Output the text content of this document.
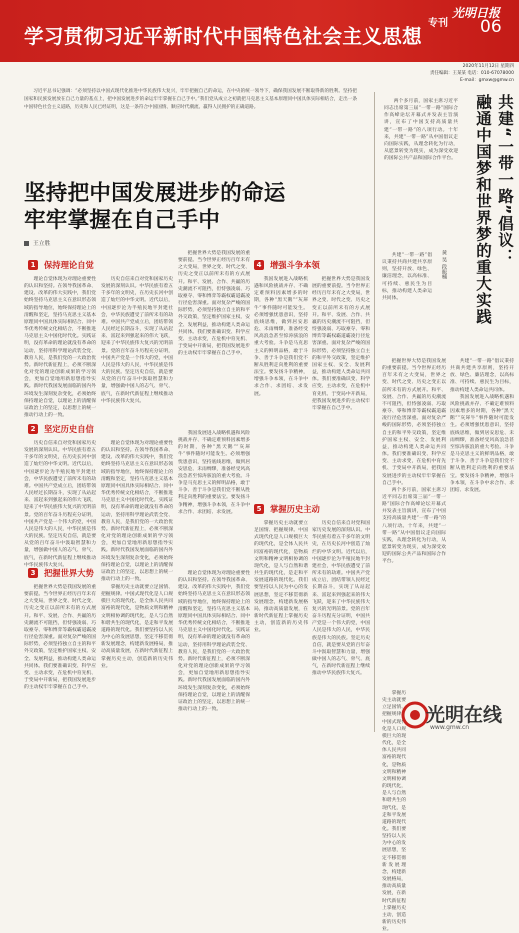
学习贯彻习近平新时代中国特色社会主义思想
专刊
光明日报
06
2020年11月12日 星期四
责任编辑：王某某 电话：010-67078000
E-mail：gmxw@gmw.cn

习近平总书记强调：“必须坚持以中国式现代化推进中华民族伟大复兴，牢牢把握自己的命运，在中央的统一领导下，确保我国发展不断取得新的胜利。坚持把国家和民族发展放在自己力量的基点上，把中国发展进步的命运牢牢掌握在自己手中。”我们党从成立之初就把马克思主义基本原理同中国具体实际相结合，走出一条中国特色社会主义道路，历史和人民已经证明，这是一条符合中国国情、顺应时代潮流、赢得人民拥护的正确道路。

坚持把中国发展进步的命运
牢牢掌握在自己手中
王立胜
1	保持理论自觉
2	坚定历史自信
3	把握世界大势
4	增强斗争本领
5	掌握历史主动

理论自觉体现为对理论重要性的认识和坚持。在领导我国革命、建设、改革的伟大实践中，我们党始终坚持马克思主义在意识形态领域的指导地位，始终保持理论上的清醒和坚定，坚持马克思主义基本原理同中国具体实际相结合、同中华优秀传统文化相结合，不断推进马克思主义中国化时代化。实践证明，没有革命的理论就没有革命的运动，坚持用科学理论武装全党、教育人民，是我们党的一大政治优势。新时代新征程上，必须不断深化对党的理论创新成果的学习领会，更加自觉地用新思想指导实践。新时代我国发展面临的国内外环境发生深刻复杂变化，必须始终保持理论自觉，以理论上的清醒保证政治上的坚定，以思想上的统一推动行动上的一致。

历史自信来自对党和国家历史发展的深刻认识。中华民族有着五千多年的文明史，在历史长河中创造了灿烂的中华文明。近代以后，中国逐步沦为半殖民地半封建社会，中华民族遭受了前所未有的劫难。中国共产党成立后，团结带领人民经过长期奋斗，实现了从站起来、富起来到强起来的伟大飞跃，迎来了中华民族伟大复兴的光明前景。党的百年奋斗历程充分证明，中国共产党是一个伟大的党，中国人民是伟大的人民，中华民族是伟大的民族。坚定历史自信，就是要从党的百年奋斗中汲取智慧和力量，增强做中国人的志气、骨气、底气，在新时代新征程上继续推动中华民族伟大复兴。

把握世界大势是我国发展的重要前提。当今世界正经历百年未有之大变局，世界之变、时代之变、历史之变正以前所未有的方式展开。和平、发展、合作、共赢的历史潮流不可阻挡，但恃强凌弱、巧取豪夺、零和博弈等霸权霸道霸凌行径危害深重。面对复杂严峻的国际形势，必须坚持独立自主的和平外交政策，坚定维护国家主权、安全、发展利益，推动构建人类命运共同体。我们要准确识变、科学应变、主动求变，在危机中育先机、于变局中开新局，把我国发展进步的主动权牢牢掌握在自己手中。

历史自信来自对党和国家历史发展的深刻认识。中华民族有着五千多年的文明史，在历史长河中创造了灿烂的中华文明。近代以后，中国逐步沦为半殖民地半封建社会，中华民族遭受了前所未有的劫难。中国共产党成立后，团结带领人民经过长期奋斗，实现了从站起来、富起来到强起来的伟大飞跃，迎来了中华民族伟大复兴的光明前景。党的百年奋斗历程充分证明，中国共产党是一个伟大的党，中国人民是伟大的人民，中华民族是伟大的民族。坚定历史自信，就是要从党的百年奋斗中汲取智慧和力量，增强做中国人的志气、骨气、底气，在新时代新征程上继续推动中华民族伟大复兴。

理论自觉体现为对理论重要性的认识和坚持。在领导我国革命、建设、改革的伟大实践中，我们党始终坚持马克思主义在意识形态领域的指导地位，始终保持理论上的清醒和坚定，坚持马克思主义基本原理同中国具体实际相结合、同中华优秀传统文化相结合，不断推进马克思主义中国化时代化。实践证明，没有革命的理论就没有革命的运动，坚持用科学理论武装全党、教育人民，是我们党的一大政治优势。新时代新征程上，必须不断深化对党的理论创新成果的学习领会，更加自觉地用新思想指导实践。新时代我国发展面临的国内外环境发生深刻复杂变化，必须始终保持理论自觉，以理论上的清醒保证政治上的坚定，以思想上的统一推动行动上的一致。

我国发展进入战略机遇和风险挑战并存、不确定难预料因素增多的时期，各种“黑天鹅”“灰犀牛”事件随时可能发生。必须增强忧患意识，坚持底线思维，做到居安思危、未雨绸缪，准备经受风高浪急甚至惊涛骇浪的重大考验。斗争是马克思主义的鲜明品格，敢于斗争、善于斗争是我们党不断从胜利走向胜利的重要法宝。要发扬斗争精神，增强斗争本领，在斗争中求合作、求团结、求发展。

把握世界大势是我国发展的重要前提。当今世界正经历百年未有之大变局，世界之变、时代之变、历史之变正以前所未有的方式展开。和平、发展、合作、共赢的历史潮流不可阻挡，但恃强凌弱、巧取豪夺、零和博弈等霸权霸道霸凌行径危害深重。面对复杂严峻的国际形势，必须坚持独立自主的和平外交政策，坚定维护国家主权、安全、发展利益，推动构建人类命运共同体。我们要准确识变、科学应变、主动求变，在危机中育先机、于变局中开新局，把我国发展进步的主动权牢牢掌握在自己手中。

掌握历史主动就要立足国情、把握规律。中国式现代化是人口规模巨大的现代化，是全体人民共同富裕的现代化，是物质文明和精神文明相协调的现代化，是人与自然和谐共生的现代化，是走和平发展道路的现代化。我们要坚持以人民为中心的发展思想，坚定不移贯彻新发展理念，构建新发展格局，推动高质量发展，在新时代新征程上掌握历史主动，创造新的历史伟业。

理论自觉体现为对理论重要性的认识和坚持。在领导我国革命、建设、改革的伟大实践中，我们党始终坚持马克思主义在意识形态领域的指导地位，始终保持理论上的清醒和坚定，坚持马克思主义基本原理同中国具体实际相结合、同中华优秀传统文化相结合，不断推进马克思主义中国化时代化。实践证明，没有革命的理论就没有革命的运动，坚持用科学理论武装全党、教育人民，是我们党的一大政治优势。新时代新征程上，必须不断深化对党的理论创新成果的学习领会，更加自觉地用新思想指导实践。新时代我国发展面临的国内外环境发生深刻复杂变化，必须始终保持理论自觉，以理论上的清醒保证政治上的坚定，以思想上的统一推动行动上的一致。

我国发展进入战略机遇和风险挑战并存、不确定难预料因素增多的时期，各种“黑天鹅”“灰犀牛”事件随时可能发生。必须增强忧患意识，坚持底线思维，做到居安思危、未雨绸缪，准备经受风高浪急甚至惊涛骇浪的重大考验。斗争是马克思主义的鲜明品格，敢于斗争、善于斗争是我们党不断从胜利走向胜利的重要法宝。要发扬斗争精神，增强斗争本领，在斗争中求合作、求团结、求发展。

把握世界大势是我国发展的重要前提。当今世界正经历百年未有之大变局，世界之变、时代之变、历史之变正以前所未有的方式展开。和平、发展、合作、共赢的历史潮流不可阻挡，但恃强凌弱、巧取豪夺、零和博弈等霸权霸道霸凌行径危害深重。面对复杂严峻的国际形势，必须坚持独立自主的和平外交政策，坚定维护国家主权、安全、发展利益，推动构建人类命运共同体。我们要准确识变、科学应变、主动求变，在危机中育先机、于变局中开新局，把我国发展进步的主动权牢牢掌握在自己手中。

掌握历史主动就要立足国情、把握规律。中国式现代化是人口规模巨大的现代化，是全体人民共同富裕的现代化，是物质文明和精神文明相协调的现代化，是人与自然和谐共生的现代化，是走和平发展道路的现代化。我们要坚持以人民为中心的发展思想，坚定不移贯彻新发展理念，构建新发展格局，推动高质量发展，在新时代新征程上掌握历史主动，创造新的历史伟业。

历史自信来自对党和国家历史发展的深刻认识。中华民族有着五千多年的文明史，在历史长河中创造了灿烂的中华文明。近代以后，中国逐步沦为半殖民地半封建社会，中华民族遭受了前所未有的劫难。中国共产党成立后，团结带领人民经过长期奋斗，实现了从站起来、富起来到强起来的伟大飞跃，迎来了中华民族伟大复兴的光明前景。党的百年奋斗历程充分证明，中国共产党是一个伟大的党，中国人民是伟大的人民，中华民族是伟大的民族。坚定历史自信，就是要从党的百年奋斗中汲取智慧和力量，增强做中国人的志气、骨气、底气，在新时代新征程上继续推动中华民族伟大复兴。

两个多月前，国家主席习近平同志出席第三届“一带一路”国际合作高峰论坛开幕式并发表主旨演讲，宣布了中国支持高质量共建“一带一路”的八项行动。十年来，共建“一带一路”从中国倡议走向国际实践，从理念转化为行动，从愿景转变为现实，成为深受欢迎的国际公共产品和国际合作平台。	共建“一带一路”倡议：
融通中国梦和世界梦的重大实践
黄 昊 段振楠

共建“一带一路”倡议秉持共商共建共享原则，坚持开放、绿色、廉洁理念，以高标准、可持续、惠民生为目标，推动构建人类命运共同体。

把握世界大势是我国发展的重要前提。当今世界正经历百年未有之大变局，世界之变、时代之变、历史之变正以前所未有的方式展开。和平、发展、合作、共赢的历史潮流不可阻挡，但恃强凌弱、巧取豪夺、零和博弈等霸权霸道霸凌行径危害深重。面对复杂严峻的国际形势，必须坚持独立自主的和平外交政策，坚定维护国家主权、安全、发展利益，推动构建人类命运共同体。我们要准确识变、科学应变、主动求变，在危机中育先机、于变局中开新局，把我国发展进步的主动权牢牢掌握在自己手中。

两个多月前，国家主席习近平同志出席第三届“一带一路”国际合作高峰论坛开幕式并发表主旨演讲，宣布了中国支持高质量共建“一带一路”的八项行动。十年来，共建“一带一路”从中国倡议走向国际实践，从理念转化为行动，从愿景转变为现实，成为深受欢迎的国际公共产品和国际合作平台。

共建“一带一路”倡议秉持共商共建共享原则，坚持开放、绿色、廉洁理念，以高标准、可持续、惠民生为目标，推动构建人类命运共同体。

我国发展进入战略机遇和风险挑战并存、不确定难预料因素增多的时期，各种“黑天鹅”“灰犀牛”事件随时可能发生。必须增强忧患意识，坚持底线思维，做到居安思危、未雨绸缪，准备经受风高浪急甚至惊涛骇浪的重大考验。斗争是马克思主义的鲜明品格，敢于斗争、善于斗争是我们党不断从胜利走向胜利的重要法宝。要发扬斗争精神，增强斗争本领，在斗争中求合作、求团结、求发展。

掌握历史主动就要立足国情、把握规律。中国式现代化是人口规模巨大的现代化，是全体人民共同富裕的现代化，是物质文明和精神文明相协调的现代化，是人与自然和谐共生的现代化，是走和平发展道路的现代化。我们要坚持以人民为中心的发展思想，坚定不移贯彻新发展理念，构建新发展格局，推动高质量发展，在新时代新征程上掌握历史主动，创造新的历史伟业。

光明在线
www.gmw.cn
